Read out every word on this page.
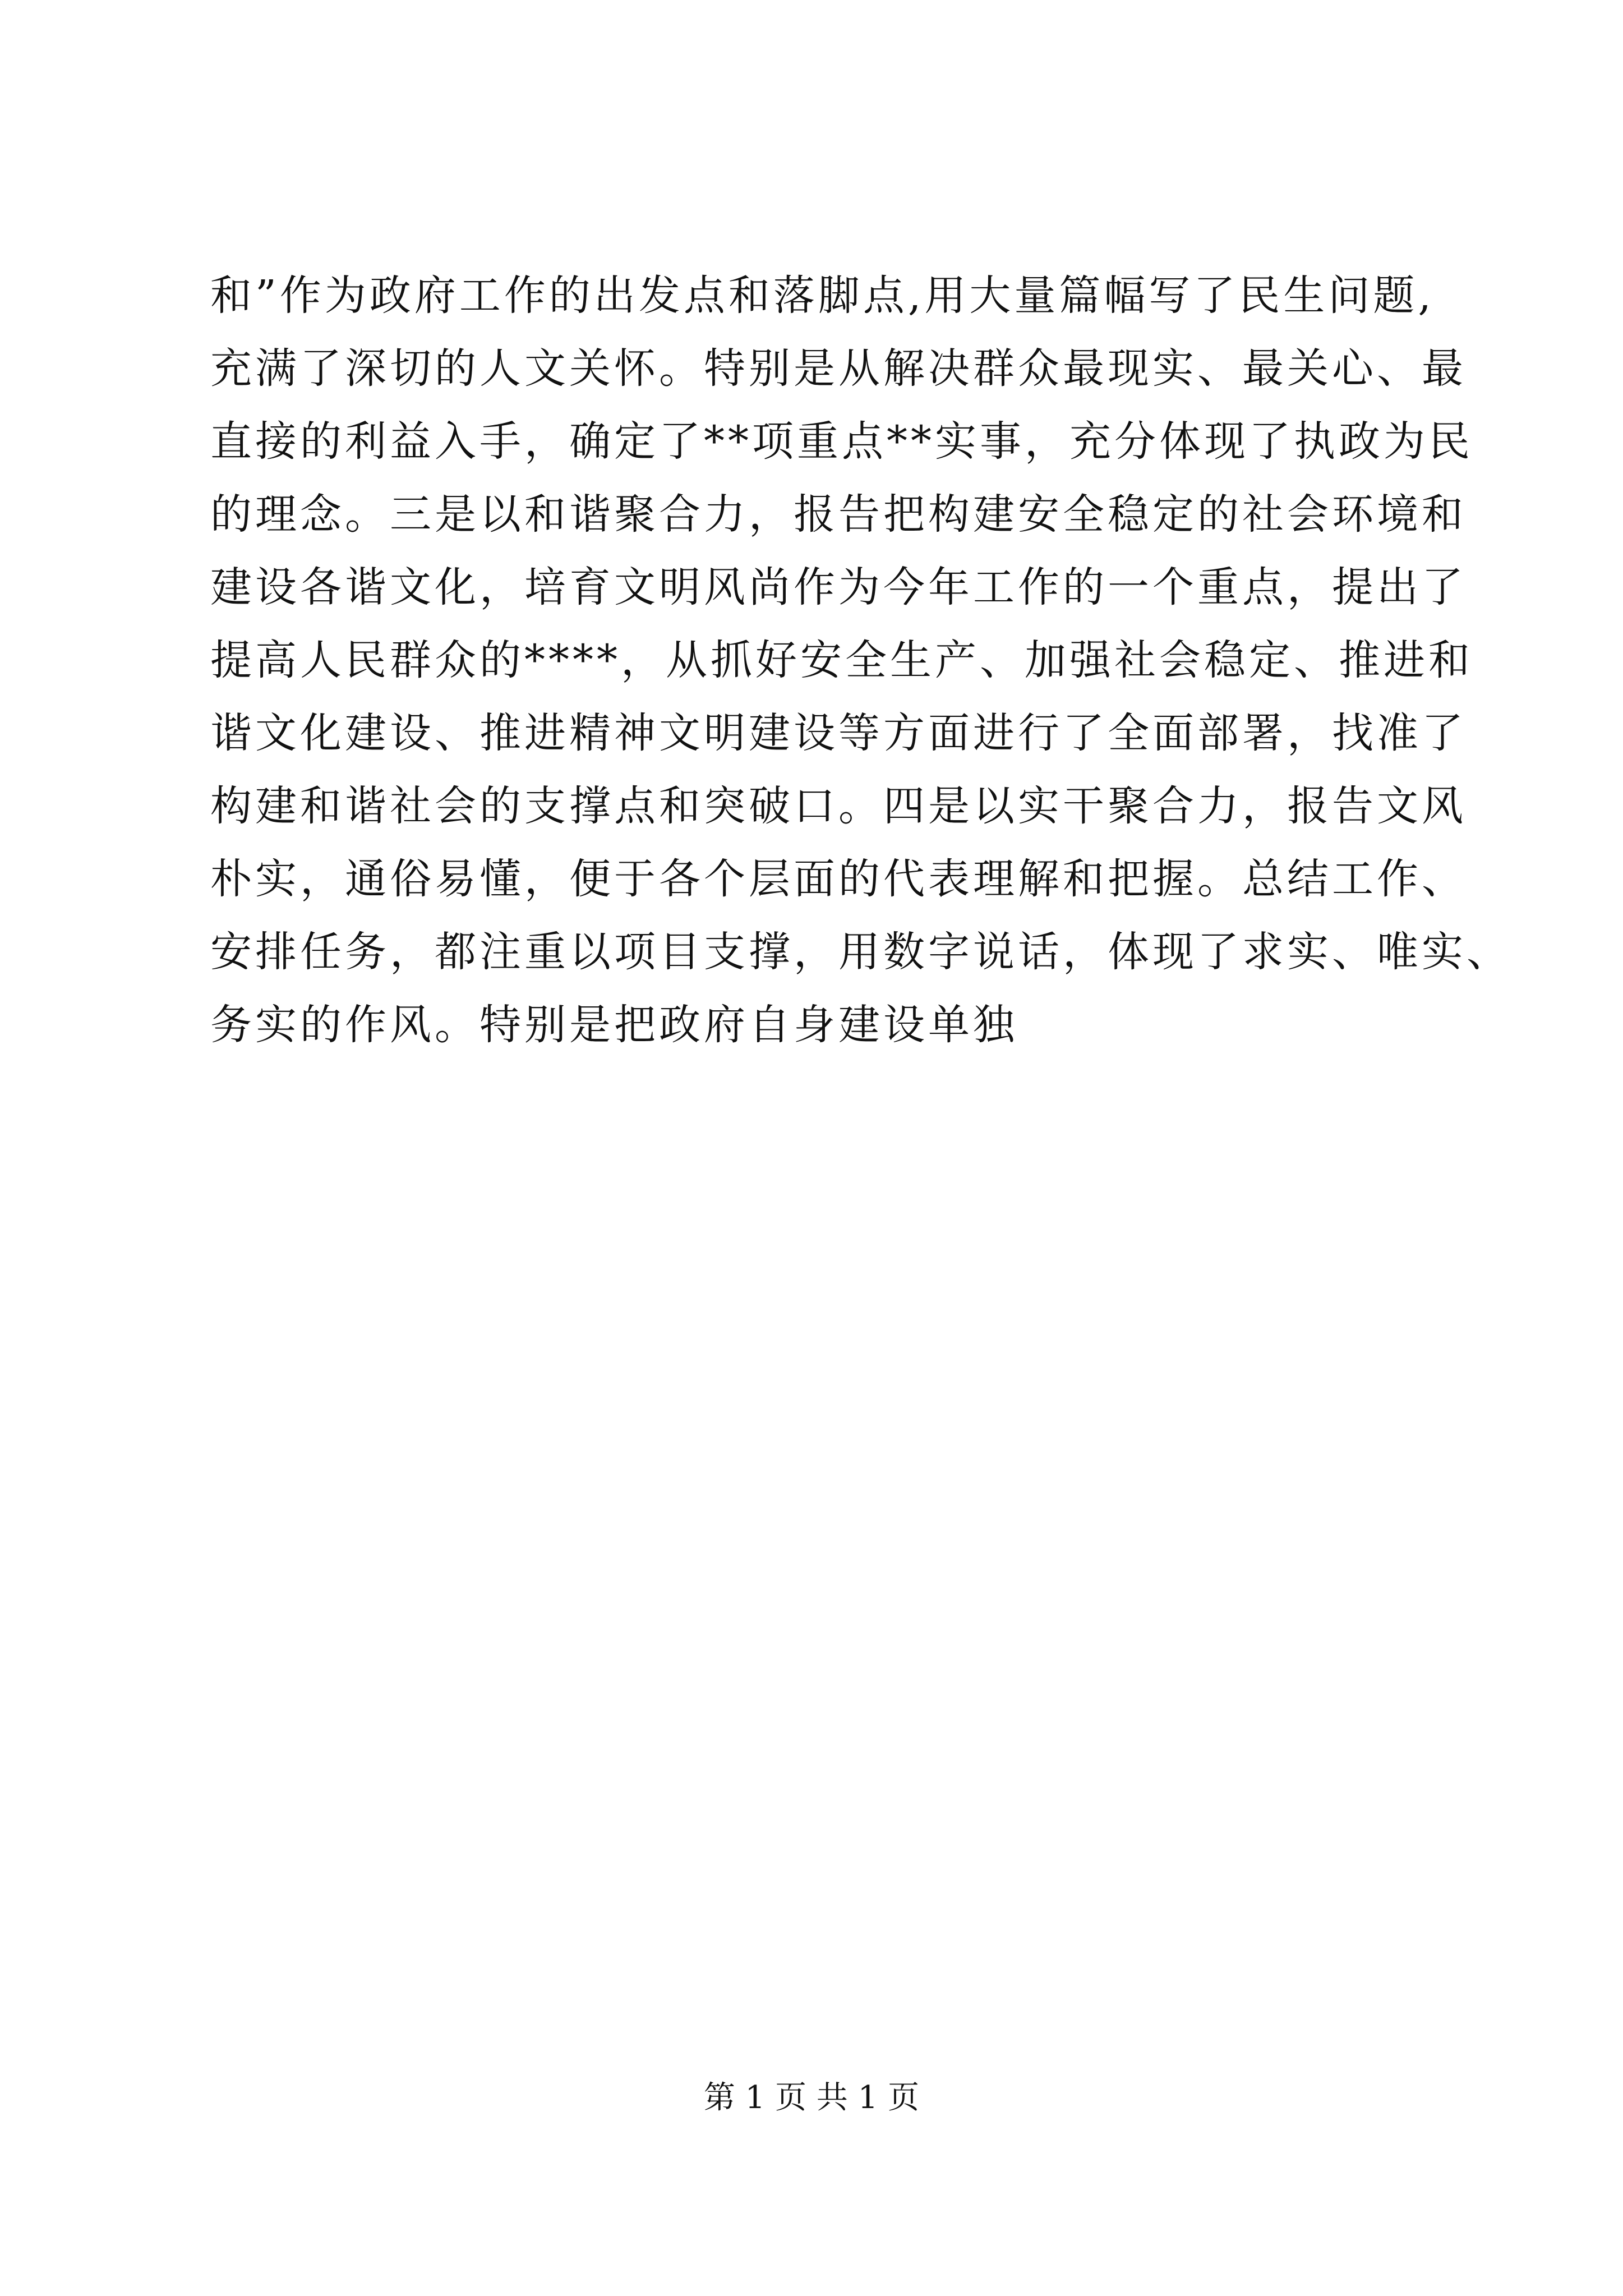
和”作为政府工作的出发点和落脚点,用大量篇幅写了民生问题,
充满了深切的人文关怀。特别是从解决群众最现实、最关心、最
直接的利益入手，确定了**项重点**实事，充分体现了执政为民
的理念。三是以和谐聚合力，报告把构建安全稳定的社会环境和
建设各谐文化，培育文明风尚作为今年工作的一个重点，提出了
提高人民群众的****，从抓好安全生产、加强社会稳定、推进和
谐文化建设、推进精神文明建设等方面进行了全面部署，找准了
构建和谐社会的支撑点和突破口。四是以实干聚合力，报告文风
朴实，通俗易懂，便于各个层面的代表理解和把握。总结工作、
安排任务，都注重以项目支撑，用数字说话，体现了求实、唯实、
务实的作风。特别是把政府自身建设单独
第 1 页 共 1 页
